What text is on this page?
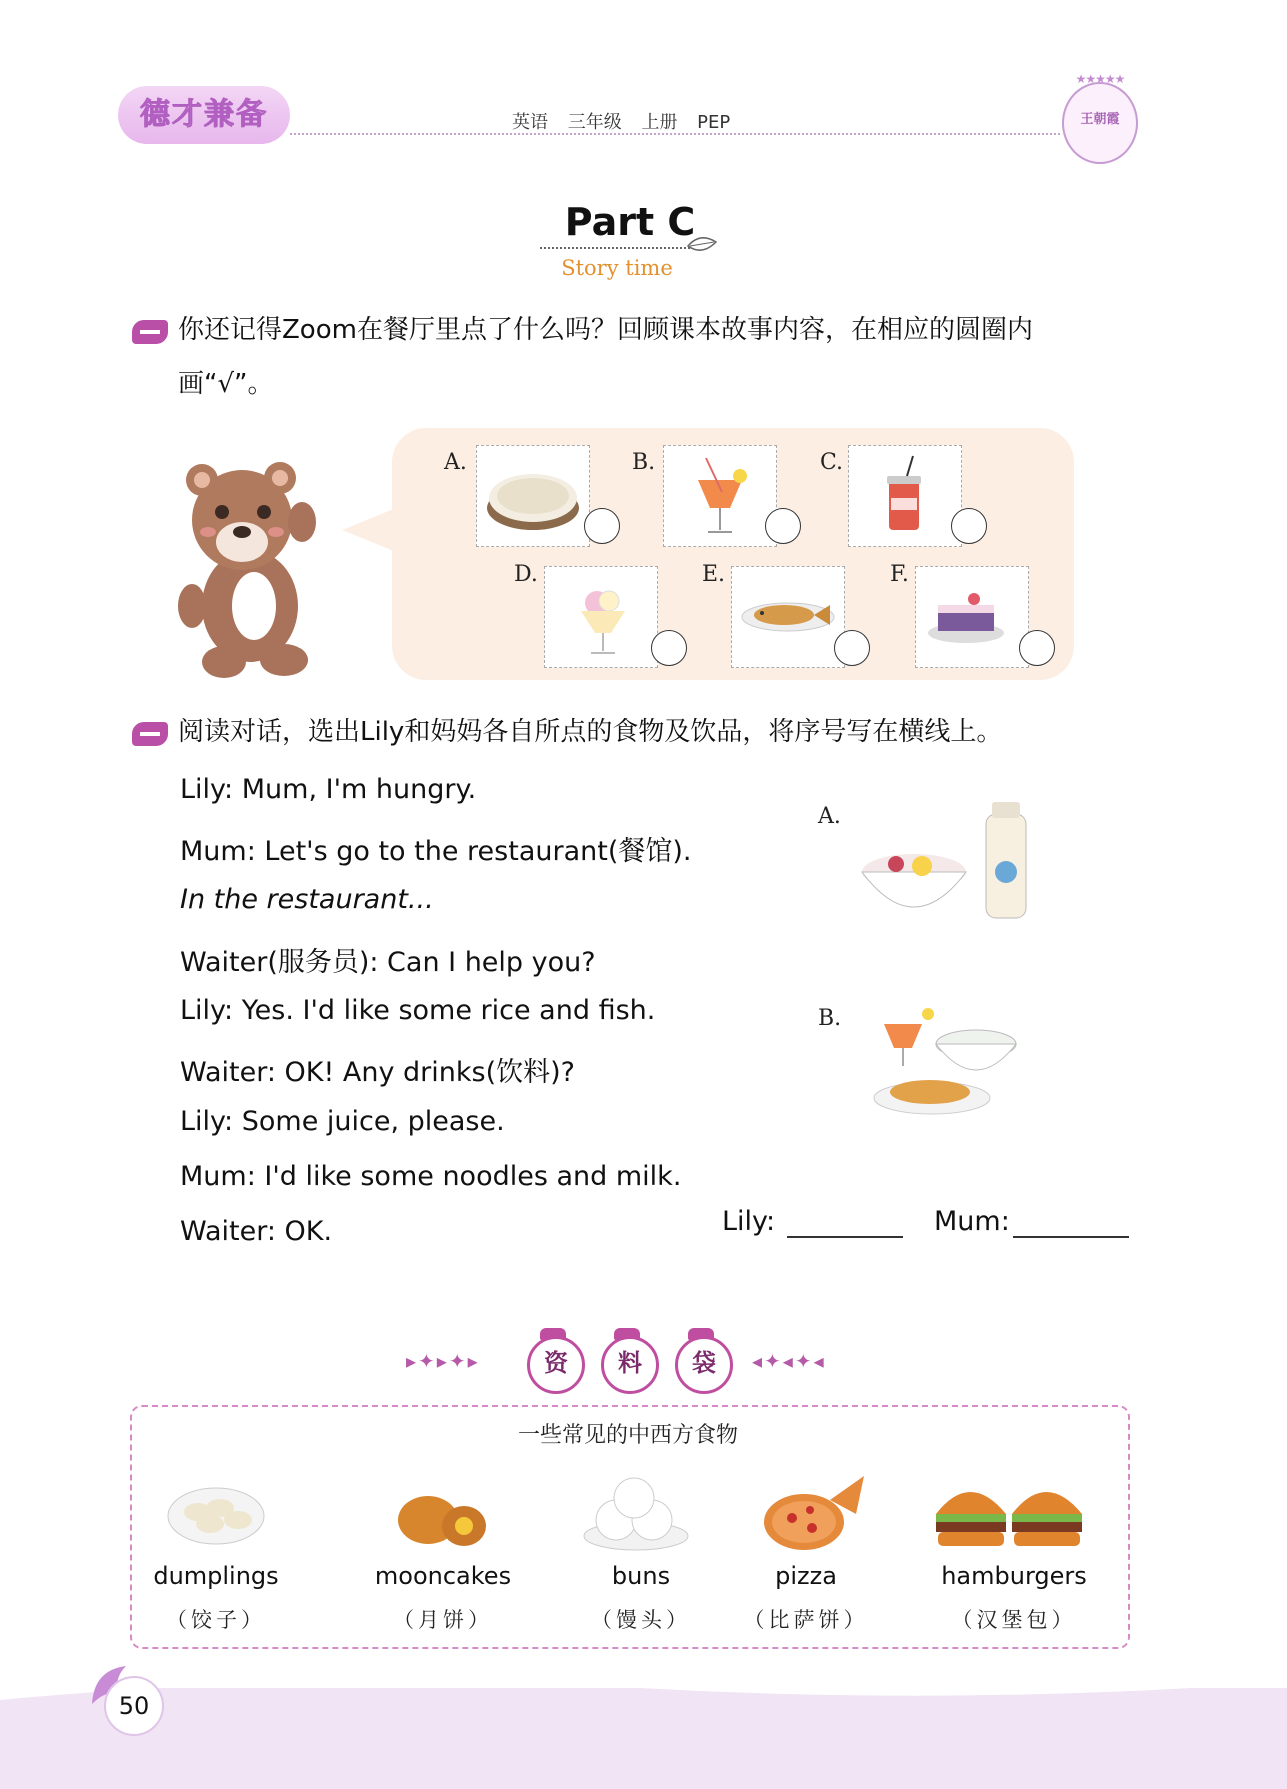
德才兼备	英语 三年级 上册 PEP
★★★★★
王朝霞
Part C
Story time
你还记得Zoom在餐厅里点了什么吗？回顾课本故事内容，在相应的圆圈内
画“√”。
A.	B.	C.
D.	E.	F.
阅读对话，选出Lily和妈妈各自所点的食物及饮品，将序号写在横线上。
Lily: Mum, I'm hungry.
Mum: Let's go to the restaurant(餐馆).
In the restaurant...
Waiter(服务员): Can I help you?
Lily: Yes. I'd like some rice and fish.
Waiter: OK! Any drinks(饮料)?
Lily: Some juice, please.
Mum: I'd like some noodles and milk.
Waiter: OK.
A.
B.
Lily:	Mum:
▸✦▸✦▸	资	料	袋	◂✦◂✦◂
一些常见的中西方食物
dumplings
（饺子）
mooncakes
（月饼）
buns
（馒头）
pizza
（比萨饼）
hamburgers
（汉堡包）
50
